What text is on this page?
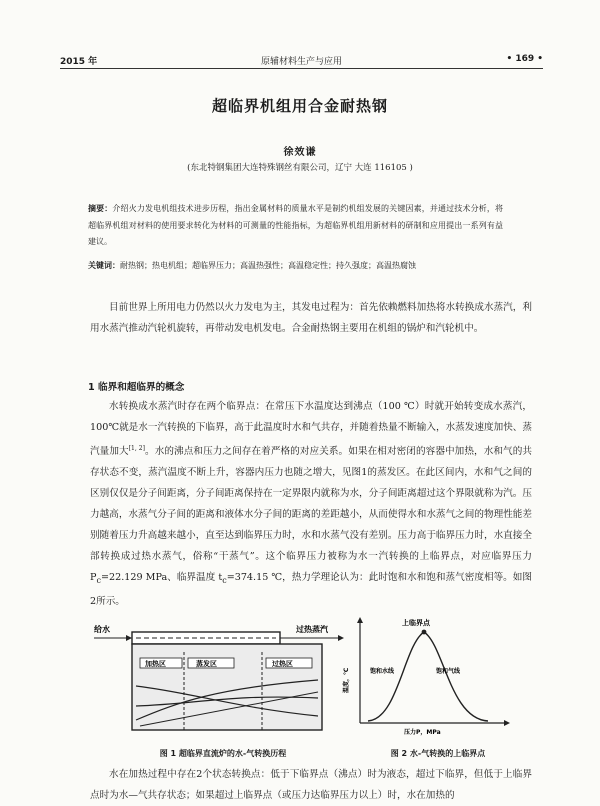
2015 年	原辅材料生产与应用	• 169 •
超临界机组用合金耐热钢
徐效谦
(东北特钢集团大连特殊钢丝有限公司，辽宁 大连 116105 )
摘要：介绍火力发电机组技术进步历程，指出金属材料的质量水平是制约机组发展的关键因素，并通过技术分析，将超临界机组对材料的使用要求转化为材料的可测量的性能指标，为超临界机组用新材料的研制和应用提出一系列有益建议。
关键词：耐热钢；热电机组；超临界压力；高温热强性；高温稳定性；持久强度；高温热腐蚀
目前世界上所用电力仍然以火力发电为主，其发电过程为：首先依赖燃料加热将水转换成水蒸汽，利用水蒸汽推动汽轮机旋转，再带动发电机发电。合金耐热钢主要用在机组的锅炉和汽轮机中。
1 临界和超临界的概念
水转换成水蒸汽时存在两个临界点：在常压下水温度达到沸点（100 ℃）时就开始转变成水蒸汽，100℃就是水一汽转换的下临界，高于此温度时水和气共存，并随着热量不断输入，水蒸发速度加快、蒸汽量加大[1, 2]。水的沸点和压力之间存在着严格的对应关系。如果在相对密闭的容器中加热，水和气的共存状态不变，蒸汽温度不断上升，容器内压力也随之增大，见图1的蒸发区。在此区间内，水和气之间的区别仅仅是分子间距离，分子间距离保持在一定界限内就称为水，分子间距离超过这个界限就称为汽。压力越高，水蒸气分子间的距离和液体水分子间的距离的差距越小，从而使得水和水蒸气之间的物理性能差别随着压力升高越来越小，直至达到临界压力时，水和水蒸气没有差别。压力高于临界压力时，水直接全部转换成过热水蒸气，俗称“干蒸气”。这个临界压力被称为水一汽转换的上临界点，对应临界压力 $P_c=22.129$ MPa、临界温度 $t_c=374.15$ ℃，热力学理论认为：此时饱和水和饱和蒸气密度相等。如图2所示。
给水	过热蒸汽
加热区	蒸发区	过热区
图 1 超临界直流炉的水-气转换历程
上临界点
饱和水线	饱和气线
温度，℃
压力P，MPa
图 2 水-气转换的上临界点
水在加热过程中存在2个状态转换点：低于下临界点（沸点）时为液态，超过下临界，但低于上临界点时为水—气共存状态；如果超过上临界点（或压力达临界压力以上）时，水在加热的
